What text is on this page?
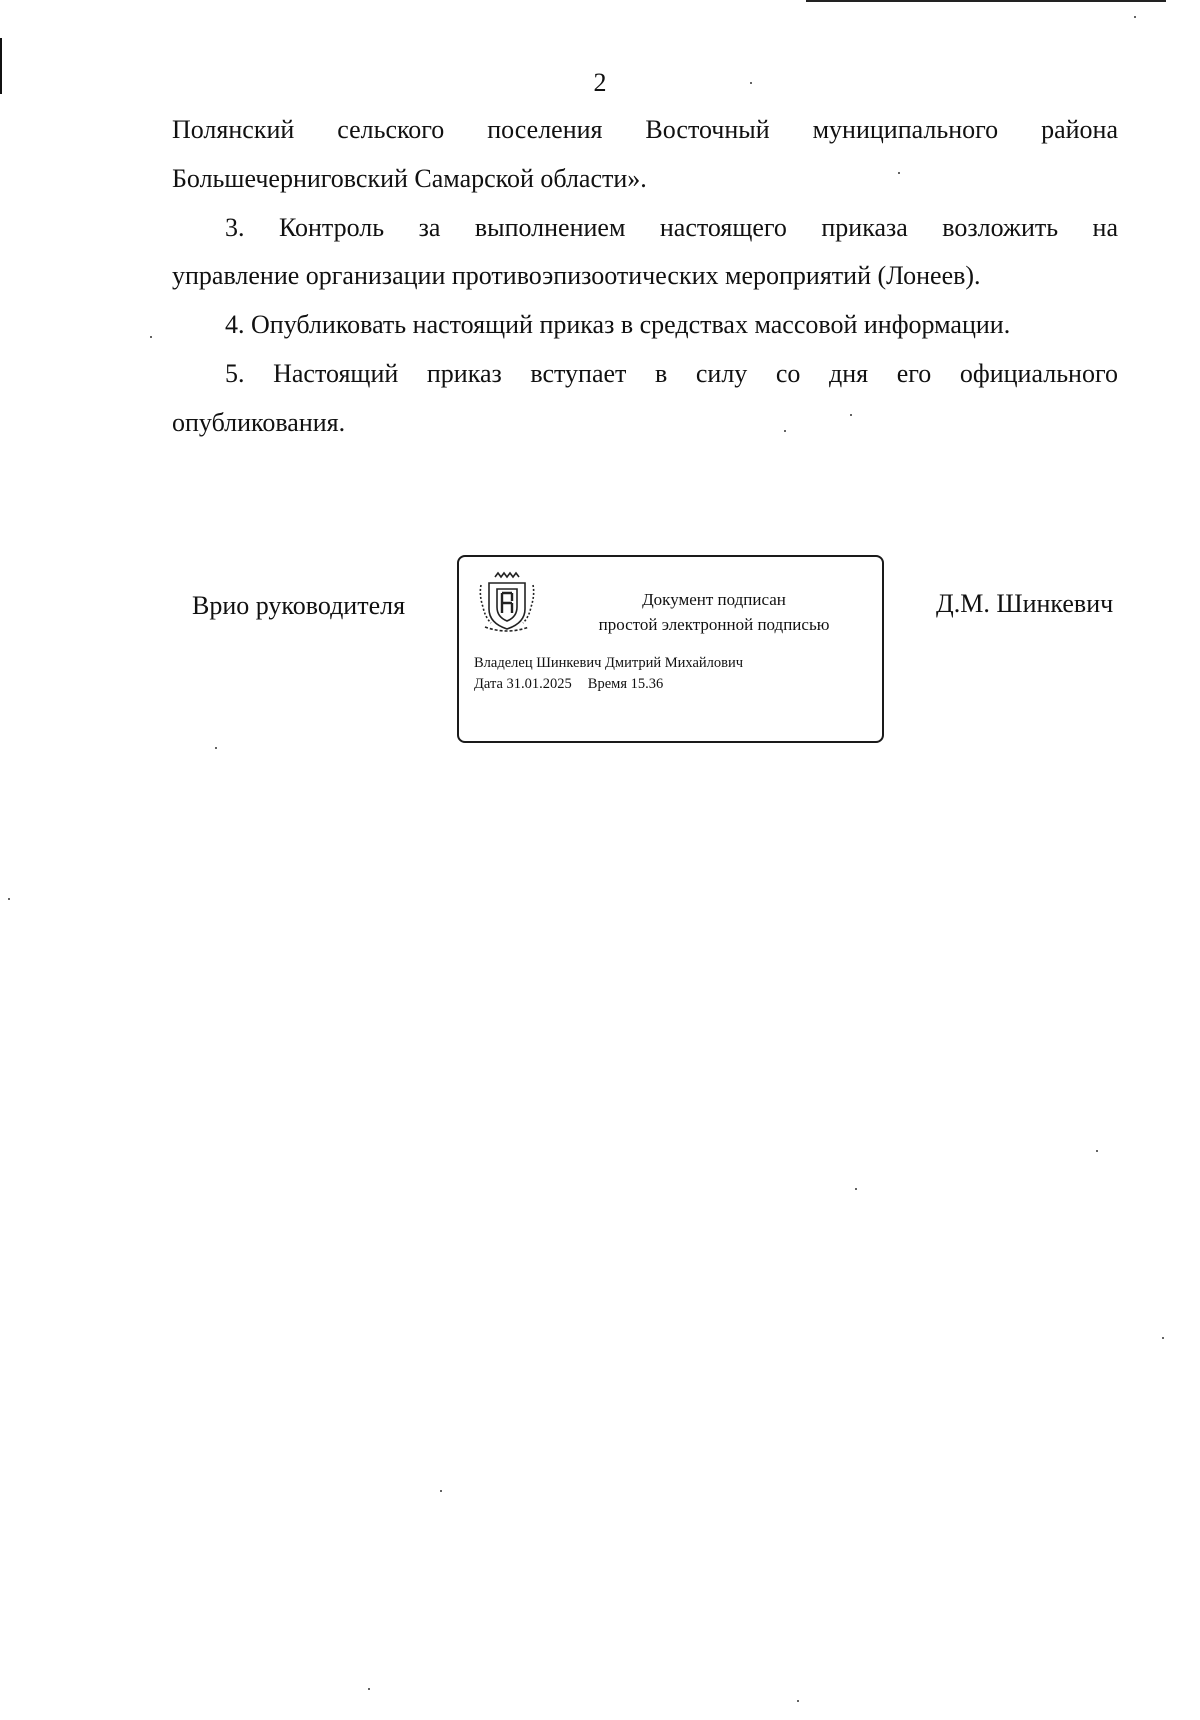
2
Полянский сельского поселения Восточный муниципального района
Большечерниговский Самарской области».
3. Контроль за выполнением настоящего приказа возложить на
управление организации противоэпизоотических мероприятий (Лонеев).
4. Опубликовать настоящий приказ в средствах массовой информации.
5. Настоящий приказ вступает в силу со дня его официального
опубликования.
Врио руководителя	Документ подписан
простой электронной подписью
Владелец Шинкевич Дмитрий Михайлович
Дата 31.01.2025 Время 15.36
Д.М. Шинкевич
